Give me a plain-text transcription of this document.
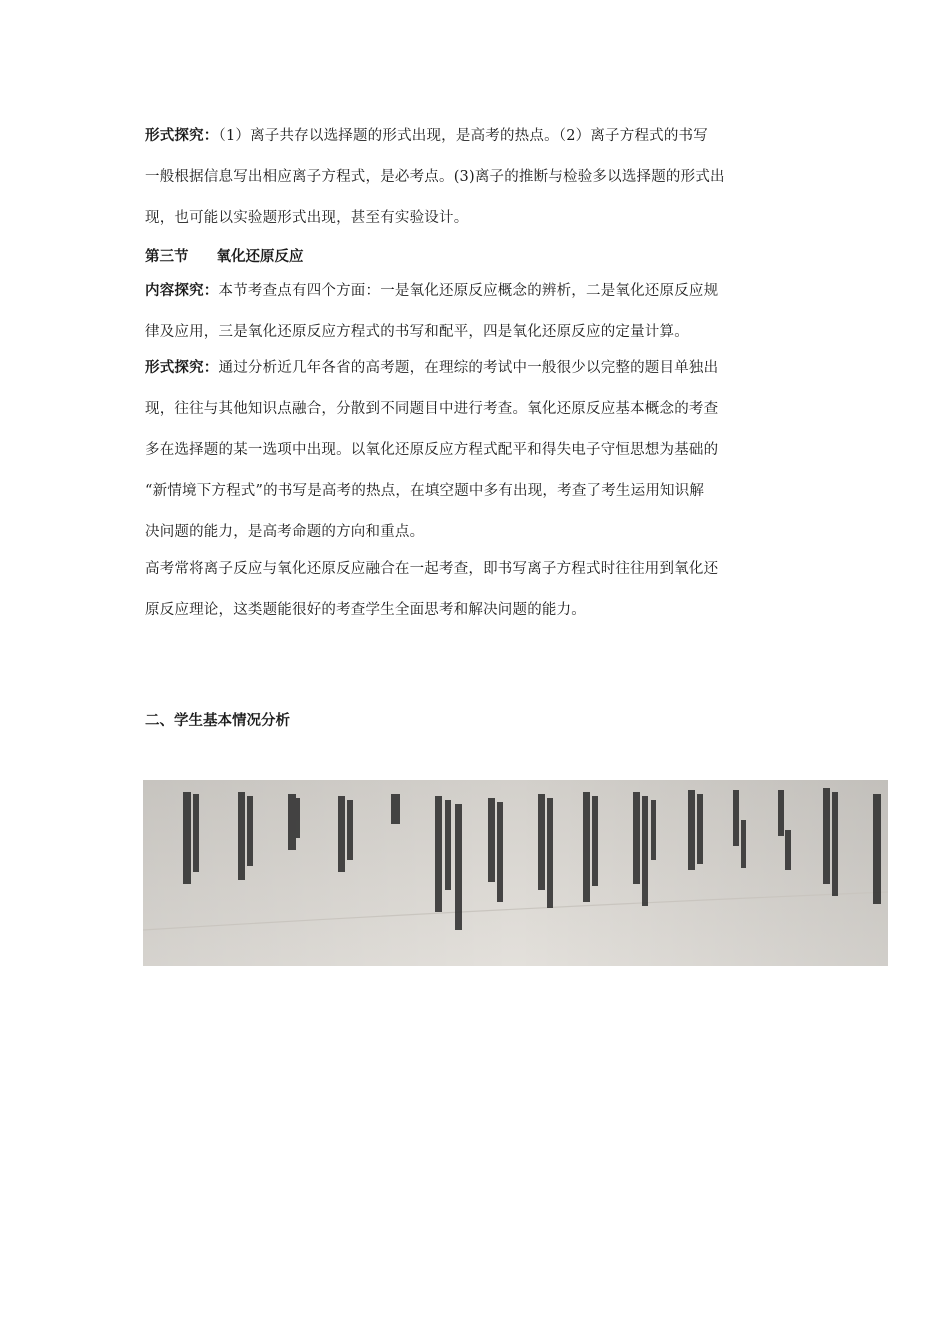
形式探究：（1）离子共存以选择题的形式出现，是高考的热点。（2）离子方程式的书写
一般根据信息写出相应离子方程式，是必考点。(3)离子的推断与检验多以选择题的形式出
现，也可能以实验题形式出现，甚至有实验设计。
第三节 氧化还原反应
内容探究：本节考查点有四个方面：一是氧化还原反应概念的辨析，二是氧化还原反应规
律及应用，三是氧化还原反应方程式的书写和配平，四是氧化还原反应的定量计算。
形式探究：通过分析近几年各省的高考题，在理综的考试中一般很少以完整的题目单独出
现，往往与其他知识点融合，分散到不同题目中进行考查。氧化还原反应基本概念的考查
多在选择题的某一选项中出现。以氧化还原反应方程式配平和得失电子守恒思想为基础的
“新情境下方程式”的书写是高考的热点，在填空题中多有出现，考查了考生运用知识解
决问题的能力，是高考命题的方向和重点。
高考常将离子反应与氧化还原反应融合在一起考查，即书写离子方程式时往往用到氧化还
原反应理论，这类题能很好的考查学生全面思考和解决问题的能力。
二、学生基本情况分析
